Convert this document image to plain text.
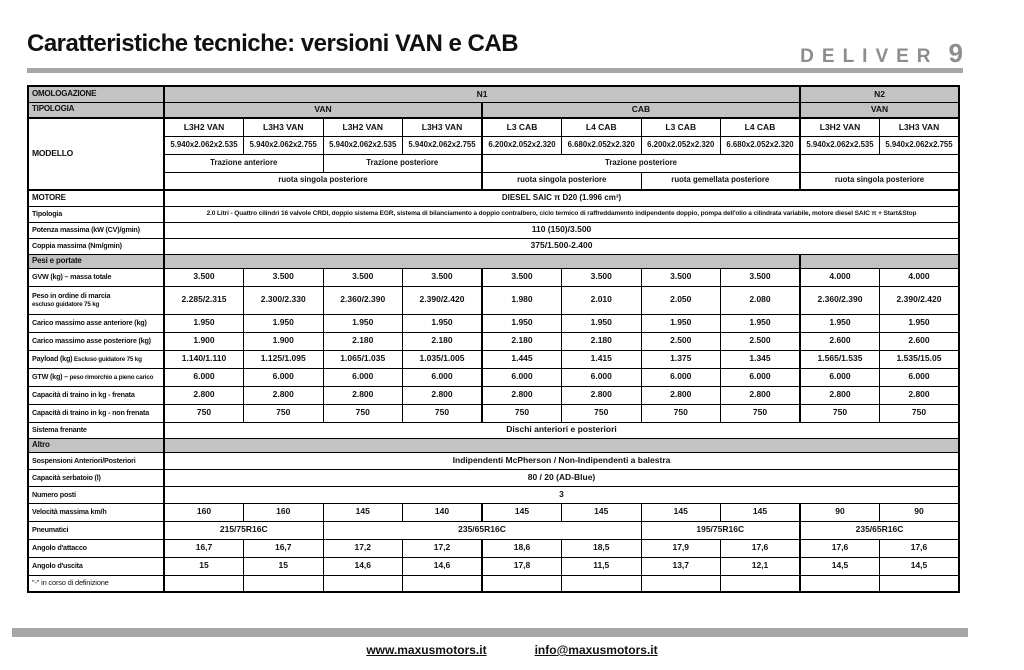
Caratteristiche tecniche: versioni VAN e CAB	DELIVER 9
OMOLOGAZIONE	N1								N2	
TIPOLOGIA	VAN				CAB				VAN	
MODELLO	L3H2 VAN	L3H3 VAN	L3H2 VAN	L3H3 VAN	L3 CAB	L4 CAB	L3 CAB	L4 CAB	L3H2 VAN	L3H3 VAN
	5.940x2.062x2.535	5.940x2.062x2.755	5.940x2.062x2.535	5.940x2.062x2.755	6.200x2.052x2.320	6.680x2.052x2.320	6.200x2.052x2.320	6.680x2.052x2.320	5.940x2.062x2.535	5.940x2.062x2.755
	Trazione anteriore		Trazione posteriore		Trazione posteriore					
	ruota singola posteriore				ruota singola posteriore		ruota gemellata posteriore		ruota singola posteriore	
MOTORE	DIESEL SAIC π D20 (1.996 cm³)									
Tipologia	2.0 Litri - Quattro cilindri 16 valvole CRDI, doppio sistema EGR, sistema di bilanciamento a doppio contralbero, ciclo termico di raffreddamento indipendente doppio, pompa dell'olio a cilindrata variabile, motore diesel SAIC π + Start&Stop									
Potenza massima (kW (CV)/gmin)	110 (150)/3.500									
Coppia massima (Nm/gmin)	375/1.500-2.400									
Pesi e portate										
GVW (kg) – massa totale	3.500	3.500	3.500	3.500	3.500	3.500	3.500	3.500	4.000	4.000
Peso in ordine di marcia
escluso guidatore 75 kg	2.285/2.315	2.300/2.330	2.360/2.390	2.390/2.420	1.980	2.010	2.050	2.080	2.360/2.390	2.390/2.420
Carico massimo asse anteriore (kg)	1.950	1.950	1.950	1.950	1.950	1.950	1.950	1.950	1.950	1.950
Carico massimo asse posteriore (kg)	1.900	1.900	2.180	2.180	2.180	2.180	2.500	2.500	2.600	2.600
Payload (kg) Escluso guidatore 75 kg	1.140/1.110	1.125/1.095	1.065/1.035	1.035/1.005	1.445	1.415	1.375	1.345	1.565/1.535	1.535/15.05
GTW (kg) – peso rimorchio a pieno carico	6.000	6.000	6.000	6.000	6.000	6.000	6.000	6.000	6.000	6.000
Capacità di traino in kg - frenata	2.800	2.800	2.800	2.800	2.800	2.800	2.800	2.800	2.800	2.800
Capacità di traino in kg - non frenata	750	750	750	750	750	750	750	750	750	750
Sistema frenante	Dischi anteriori e posteriori									
Altro										
Sospensioni Anteriori/Posteriori	Indipendenti McPherson / Non-Indipendenti a balestra									
Capacità serbatoio (l)	80 / 20 (AD-Blue)									
Numero posti	3									
Velocità massima km/h	160	160	145	140	145	145	145	145	90	90
Pneumatici	215/75R16C		235/65R16C				195/75R16C		235/65R16C	
Angolo d'attacco	16,7	16,7	17,2	17,2	18,6	18,5	17,9	17,6	17,6	17,6
Angolo d'uscita	15	15	14,6	14,6	17,8	11,5	13,7	12,1	14,5	14,5
"-" in corso di definizione										
www.maxusmotors.it	info@maxusmotors.it
